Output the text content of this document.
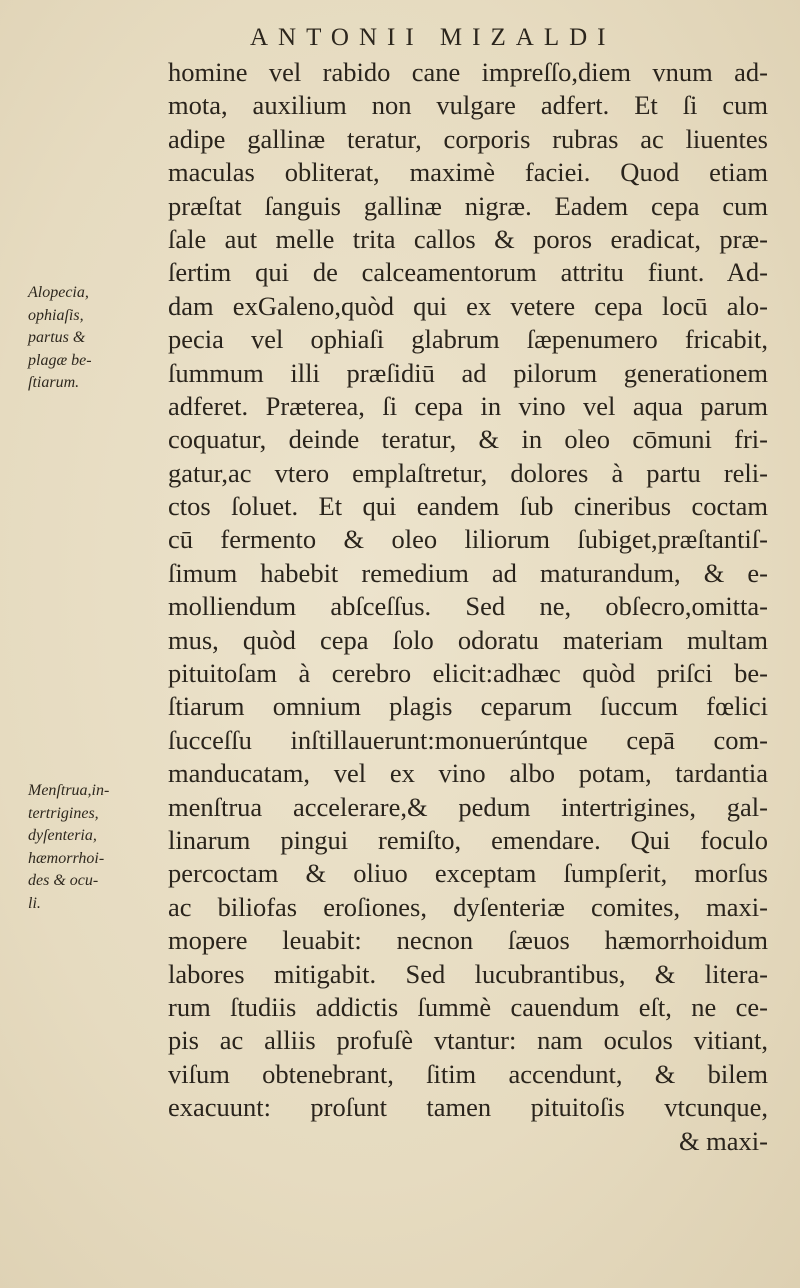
ANTONII MIZALDI
homine vel rabido cane impreſſo,diem vnum ad-
mota, auxilium non vulgare adfert. Et ſi cum
adipe gallinæ teratur, corporis rubras ac liuentes
maculas obliterat, maximè faciei. Quod etiam
præſtat ſanguis gallinæ nigræ. Eadem cepa cum
ſale aut melle trita callos & poros eradicat, præ-
ſertim qui de calceamentorum attritu fiunt. Ad-
dam exGaleno,quòd qui ex vetere cepa locū alo-
pecia vel ophiaſi glabrum ſæpenumero fricabit,
ſummum illi præſidiū ad pilorum generationem
adferet. Præterea, ſi cepa in vino vel aqua parum
coquatur, deinde teratur, & in oleo cōmuni fri-
gatur,ac vtero emplaſtretur, dolores à partu reli-
ctos ſoluet. Et qui eandem ſub cineribus coctam
cū fermento & oleo liliorum ſubiget,præſtantiſ-
ſimum habebit remedium ad maturandum, & e-
molliendum abſceſſus. Sed ne, obſecro,omitta-
mus, quòd cepa ſolo odoratu materiam multam
pituitoſam à cerebro elicit:adhæc quòd priſci be-
ſtiarum omnium plagis ceparum ſuccum fœlici
ſucceſſu inſtillauerunt:monuerúntque cepā com-
manducatam, vel ex vino albo potam, tardantia
menſtrua accelerare,& pedum intertrigines, gal-
linarum pingui remiſto, emendare. Qui foculo
percoctam & oliuo exceptam ſumpſerit, morſus
ac biliofas eroſiones, dyſenteriæ comites, maxi-
mopere leuabit: necnon ſæuos hæmorrhoidum
labores mitigabit. Sed lucubrantibus, & litera-
rum ſtudiis addictis ſummè cauendum eſt, ne ce-
pis ac alliis profuſè vtantur: nam oculos vitiant,
viſum obtenebrant, ſitim accendunt, & bilem
exacuunt: proſunt tamen pituitoſis vtcunque,
& maxi-
Alopecia,
ophiaſis,
partus &
plagæ be-
ſtiarum.
Menſtrua,in-
tertrigines,
dyſenteria,
hæmorrhoi-
des & ocu-
li.
